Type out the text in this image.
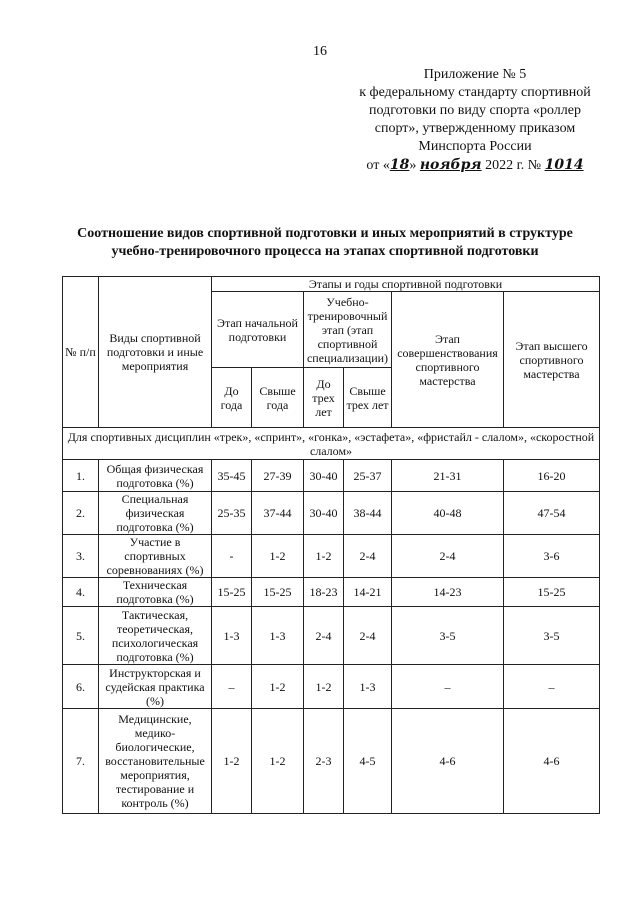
16
Приложение № 5
к федеральному стандарту спортивной
подготовки по виду спорта «роллер
спорт», утвержденному приказом
Минспорта России
от «18» ноября 2022 г. № 1014
Соотношение видов спортивной подготовки и иных мероприятий в структуре
учебно-тренировочного процесса на этапах спортивной подготовки
№ п/п	Виды спортивной подготовки и иные мероприятия	Этапы и годы спортивной подготовки					
		Этап начальной подготовки		Учебно-тренировочный этап (этап спортивной специализации)		Этап совершенствования спортивного мастерства	Этап высшего спортивного мастерства
		До года	Свыше года	До трех лет	Свыше трех лет		
Для спортивных дисциплин «трек», «спринт», «гонка», «эстафета», «фристайл - слалом», «скоростной слалом»							
1.	Общая физическая подготовка (%)	35-45	27-39	30-40	25-37	21-31	16-20
2.	Специальная физическая подготовка (%)	25-35	37-44	30-40	38-44	40-48	47-54
3.	Участие в спортивных соревнованиях (%)	-	1-2	1-2	2-4	2-4	3-6
4.	Техническая подготовка (%)	15-25	15-25	18-23	14-21	14-23	15-25
5.	Тактическая, теоретическая, психологическая подготовка (%)	1-3	1-3	2-4	2-4	3-5	3-5
6.	Инструкторская и судейская практика (%)	–	1-2	1-2	1-3	–	–
7.	Медицинские, медико-биологические, восстановительные мероприятия, тестирование и контроль (%)	1-2	1-2	2-3	4-5	4-6	4-6
